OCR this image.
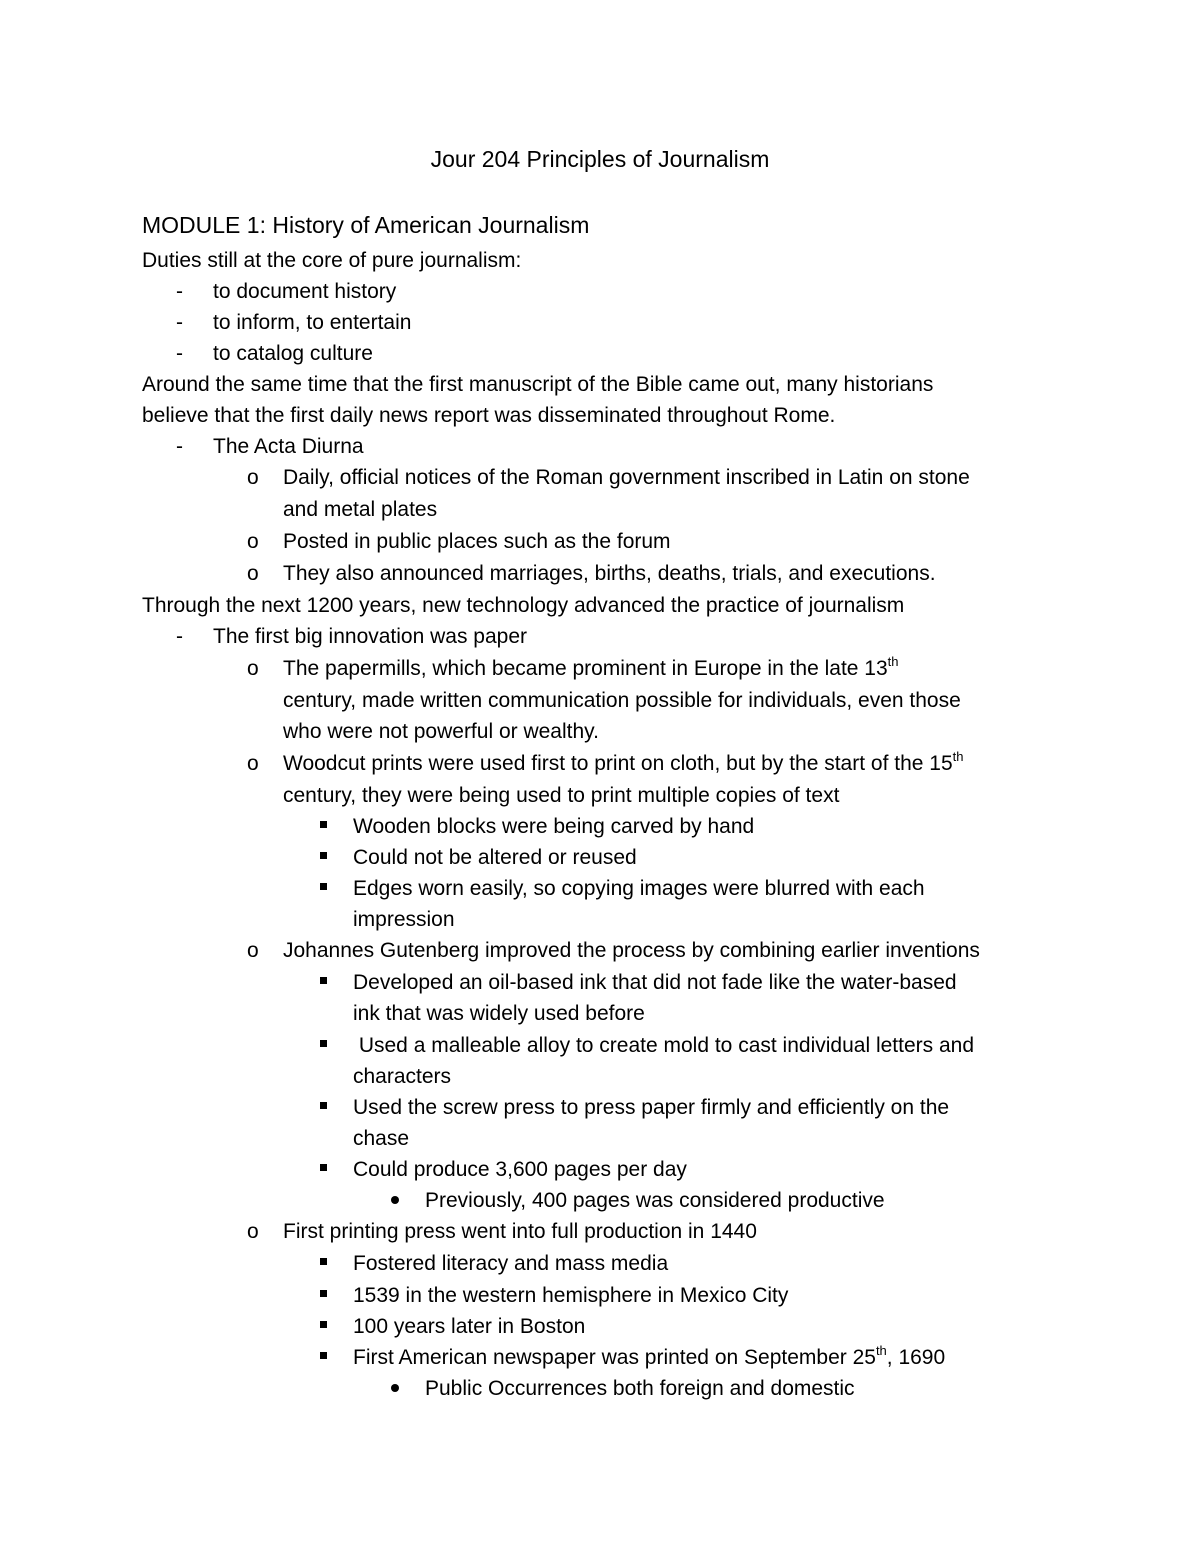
Jour 204 Principles of Journalism
MODULE 1: History of American Journalism
Duties still at the core of pure journalism:
- to document history
- to inform, to entertain
- to catalog culture
Around the same time that the first manuscript of the Bible came out, many historians
believe that the first daily news report was disseminated throughout Rome.
- The Acta Diurna
o Daily, official notices of the Roman government inscribed in Latin on stone
and metal plates
o Posted in public places such as the forum
o They also announced marriages, births, deaths, trials, and executions.
Through the next 1200 years, new technology advanced the practice of journalism
- The first big innovation was paper
o The papermills, which became prominent in Europe in the late 13th
century, made written communication possible for individuals, even those
who were not powerful or wealthy.
o Woodcut prints were used first to print on cloth, but by the start of the 15th
century, they were being used to print multiple copies of text
Wooden blocks were being carved by hand
Could not be altered or reused
Edges worn easily, so copying images were blurred with each
impression
o Johannes Gutenberg improved the process by combining earlier inventions
Developed an oil-based ink that did not fade like the water-based
ink that was widely used before
Used a malleable alloy to create mold to cast individual letters and
characters
Used the screw press to press paper firmly and efficiently on the
chase
Could produce 3,600 pages per day
Previously, 400 pages was considered productive
o First printing press went into full production in 1440
Fostered literacy and mass media
1539 in the western hemisphere in Mexico City
100 years later in Boston
First American newspaper was printed on September 25th, 1690
Public Occurrences both foreign and domestic
